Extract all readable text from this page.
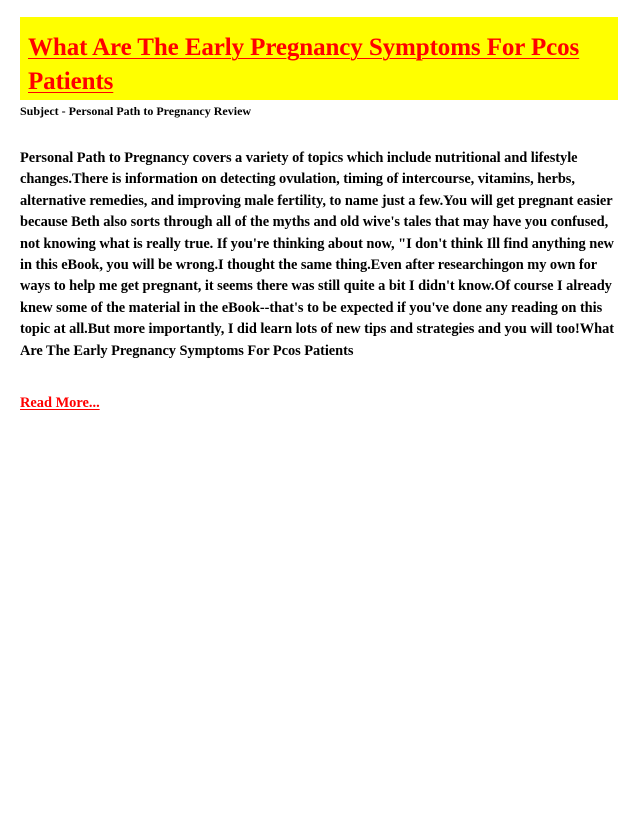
What Are The Early Pregnancy Symptoms For Pcos Patients
Subject - Personal Path to Pregnancy Review

Personal Path to Pregnancy covers a variety of topics which include nutritional and lifestyle changes.There is information on detecting ovulation, timing of intercourse, vitamins, herbs, alternative remedies, and improving male fertility, to name just a few.You will get pregnant easier because Beth also sorts through all of the myths and old wive's tales that may have you confused, not knowing what is really true. If you're thinking about now, "I don't think Ill find anything new in this eBook, you will be wrong.I thought the same thing.Even after researchingon my own for ways to help me get pregnant, it seems there was still quite a bit I didn't know.Of course I already knew some of the material in the eBook--that's to be expected if you've done any reading on this topic at all.But more importantly, I did learn lots of new tips and strategies and you will too!What Are The Early Pregnancy Symptoms For Pcos Patients

Read More...
